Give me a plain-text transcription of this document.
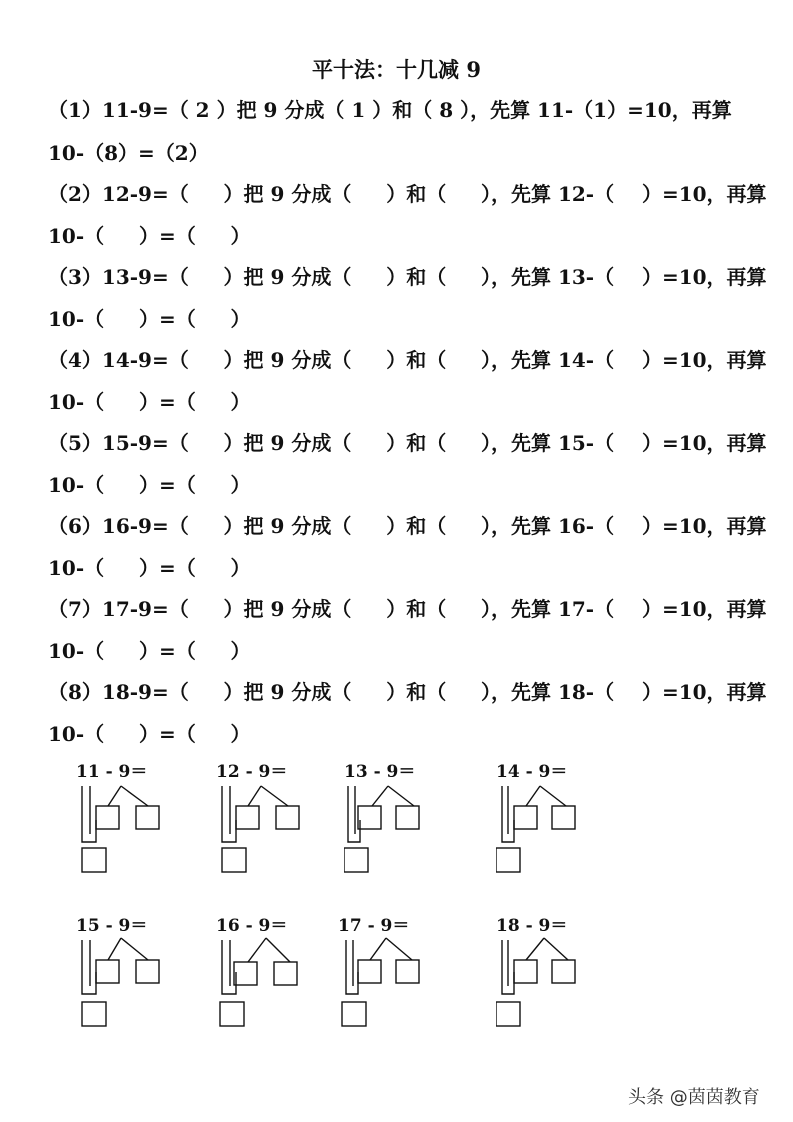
平十法：十几减 9
（1）11-9=（ 2 ）把 9 分成（ 1 ）和（ 8 ），先算 11-（1）=10，再算
10-（8）=（2）
（2）12-9=（     ）把 9 分成（     ）和（     ），先算 12-（    ）=10，再算
10-（     ）=（     ）
（3）13-9=（     ）把 9 分成（     ）和（     ），先算 13-（    ）=10，再算
10-（     ）=（     ）
（4）14-9=（     ）把 9 分成（     ）和（     ），先算 14-（    ）=10，再算
10-（     ）=（     ）
（5）15-9=（     ）把 9 分成（     ）和（     ），先算 15-（    ）=10，再算
10-（     ）=（     ）
（6）16-9=（     ）把 9 分成（     ）和（     ），先算 16-（    ）=10，再算
10-（     ）=（     ）
（7）17-9=（     ）把 9 分成（     ）和（     ），先算 17-（    ）=10，再算
10-（     ）=（     ）
（8）18-9=（     ）把 9 分成（     ）和（     ），先算 18-（    ）=10，再算
10-（     ）=（     ）
11 - 9＝	12 - 9＝	13 - 9＝	14 - 9＝
15 - 9＝	16 - 9＝	17 - 9＝	18 - 9＝
头条 @茵茵教育
